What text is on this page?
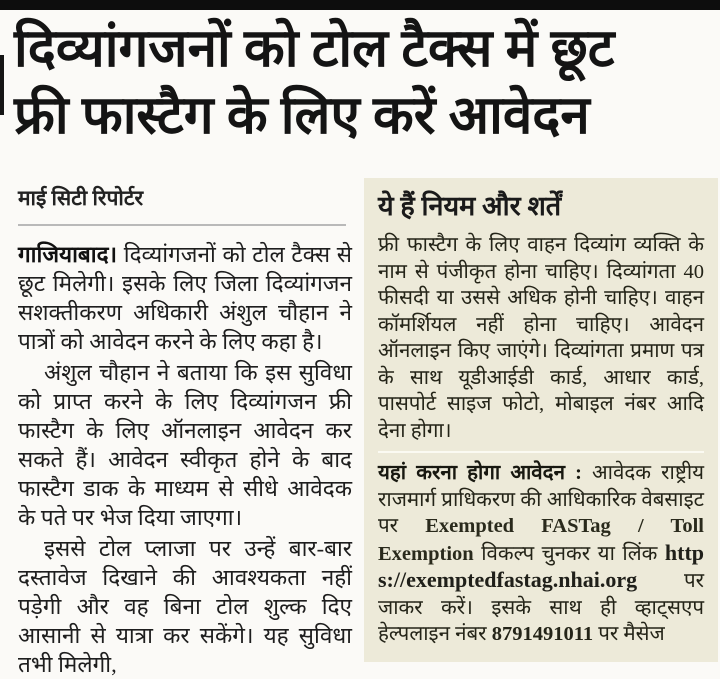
दिव्यांगजनों को टोल टैक्स में छूट
फ्री फास्टैग के लिए करें आवेदन
माई सिटी रिपोर्टर

गाजियाबाद। दिव्यांगजनों को टोल टैक्स से छूट मिलेगी। इसके लिए जिला दिव्यांगजन सशक्तीकरण अधिकारी अंशुल चौहान ने पात्रों को आवेदन करने के लिए कहा है।

अंशुल चौहान ने बताया कि इस सुविधा को प्राप्त करने के लिए दिव्यांगजन फ्री फास्टैग के लिए ऑनलाइन आवेदन कर सकते हैं। आवेदन स्वीकृत होने के बाद फास्टैग डाक के माध्यम से सीधे आवेदक के पते पर भेज दिया जाएगा।

इससे टोल प्लाजा पर उन्हें बार-बार दस्तावेज दिखाने की आवश्यकता नहीं पड़ेगी और वह बिना टोल शुल्क दिए आसानी से यात्रा कर सकेंगे। यह सुविधा तभी मिलेगी,

ये हैं नियम और शर्तें

फ्री फास्टैग के लिए वाहन दिव्यांग व्यक्ति के नाम से पंजीकृत होना चाहिए। दिव्यांगता 40 फीसदी या उससे अधिक होनी चाहिए। वाहन कॉमर्शियल नहीं होना चाहिए। आवेदन ऑनलाइन किए जाएंगे। दिव्यांगता प्रमाण पत्र के साथ यूडीआईडी कार्ड, आधार कार्ड, पासपोर्ट साइज फोटो, मोबाइल नंबर आदि देना होगा।

यहां करना होगा आवेदन : आवेदक राष्ट्रीय राजमार्ग प्राधिकरण की आधिकारिक वेबसाइट पर Exempted FASTag / Toll Exemption विकल्प चुनकर या लिंक https://exemptedfastag.nhai.org पर जाकर करें। इसके साथ ही व्हाट्सएप हेल्पलाइन नंबर 8791491011 पर मैसेज
